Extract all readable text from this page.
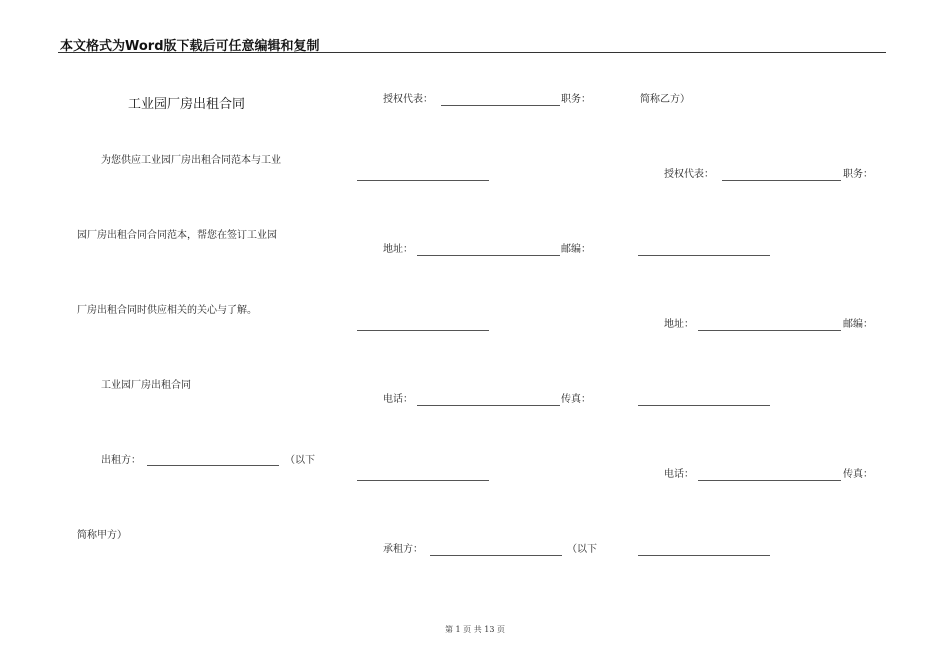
本文格式为Word版下载后可任意编辑和复制
工业园厂房出租合同
为您供应工业园厂房出租合同范本与工业
园厂房出租合同合同范本，帮您在签订工业园
厂房出租合同时供应相关的关心与了解。
工业园厂房出租合同
出租方：	（以下
简称甲方）
授权代表：	职务：
地址：	邮编：
电话：	传真：
承租方：	（以下
简称乙方）
授权代表：	职务：
地址：	邮编：
电话：	传真：
第 1 页 共 13 页
